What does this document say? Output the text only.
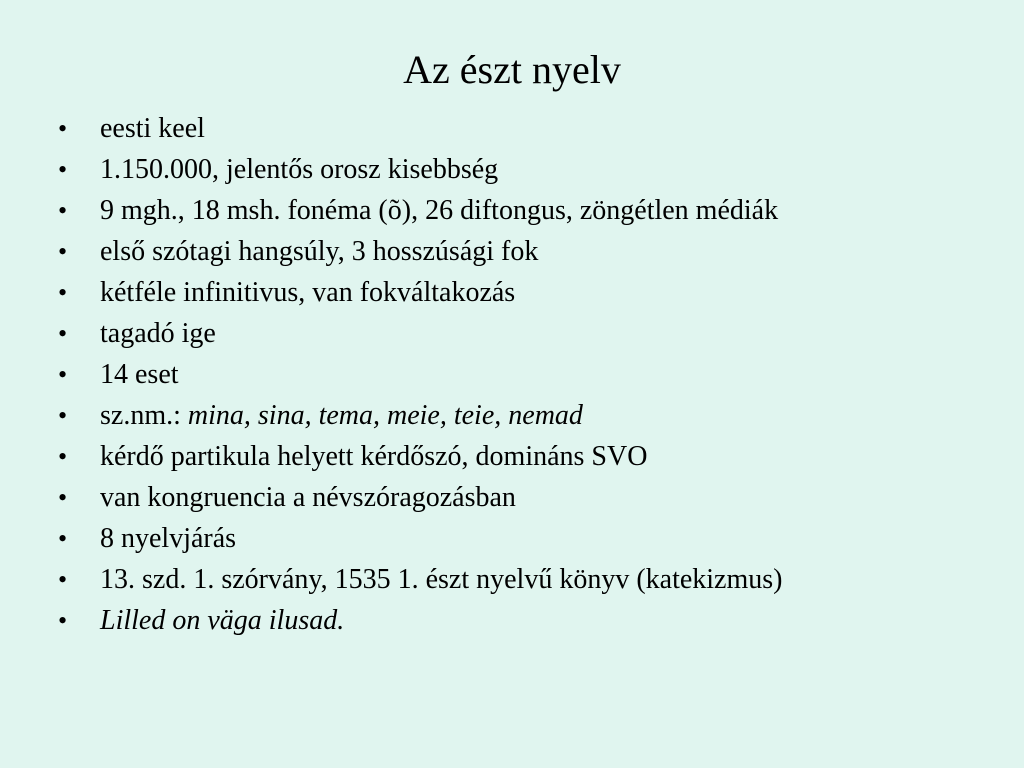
Az észt nyelv
•	eesti keel
•	1.150.000, jelentős orosz kisebbség
•	9 mgh., 18 msh. fonéma (õ), 26 diftongus, zöngétlen médiák
•	első szótagi hangsúly, 3 hosszúsági fok
•	kétféle infinitivus, van fokváltakozás
•	tagadó ige
•	14 eset
•	sz.nm.: mina, sina, tema, meie, teie, nemad
•	kérdő partikula helyett kérdőszó, domináns SVO
•	van kongruencia a névszóragozásban
•	8 nyelvjárás
•	13. szd. 1. szórvány, 1535 1. észt nyelvű könyv (katekizmus)
•	Lilled on väga ilusad.
